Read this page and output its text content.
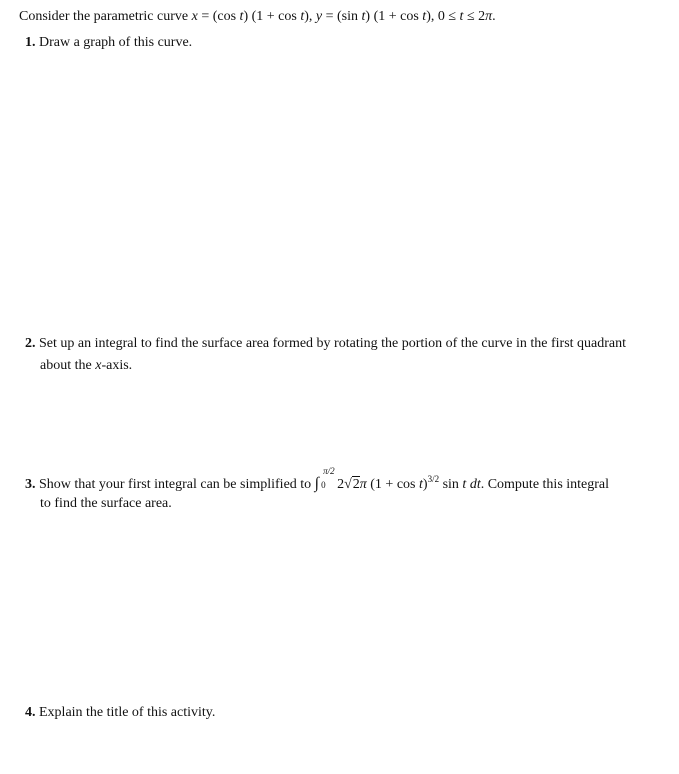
Consider the parametric curve x = (cos t) (1 + cos t), y = (sin t) (1 + cos t), 0 ≤ t ≤ 2π.
1. Draw a graph of this curve.
2. Set up an integral to find the surface area formed by rotating the portion of the curve in the first quadrant
about the x-axis.
3. Show that your first integral can be simplified to ∫
π/2
0 2√2π $(1 + \cos t)^{3/2}$ sin t dt. Compute this integral
to find the surface area.
4. Explain the title of this activity.
